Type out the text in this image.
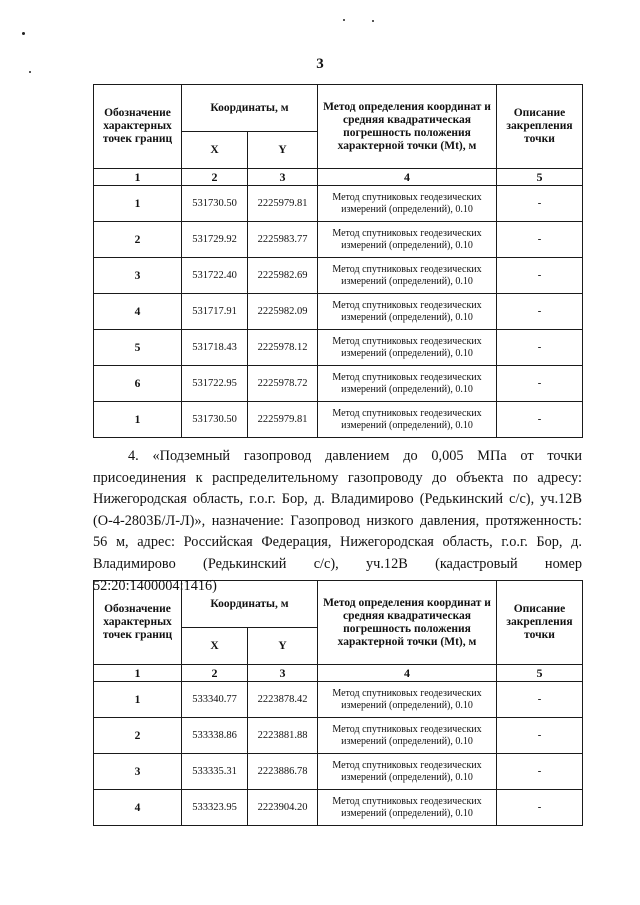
3
Обозначение характерных точек границ	Координаты, м		Метод определения координат и средняя квадратическая погрешность положения характерной точки (Mt), м	Описание закрепления точки
	X	Y		
1	2	3	4	5
1	531730.50	2225979.81	Метод спутниковых геодезических измерений (определений), 0.10	-
2	531729.92	2225983.77	Метод спутниковых геодезических измерений (определений), 0.10	-
3	531722.40	2225982.69	Метод спутниковых геодезических измерений (определений), 0.10	-
4	531717.91	2225982.09	Метод спутниковых геодезических измерений (определений), 0.10	-
5	531718.43	2225978.12	Метод спутниковых геодезических измерений (определений), 0.10	-
6	531722.95	2225978.72	Метод спутниковых геодезических измерений (определений), 0.10	-
1	531730.50	2225979.81	Метод спутниковых геодезических измерений (определений), 0.10	-

4. «Подземный газопровод давлением до 0,005 МПа от точки присоединения к распределительному газопроводу до объекта по адресу: Нижегородская область, г.о.г. Бор, д. Владимирово (Редькинский с/с), уч.12В (О-4-2803Б/Л-Л)», назначение: Газопровод низкого давления, протяженность: 56 м, адрес: Российская Федерация, Нижегородская область, г.о.г. Бор, д. Владимирово (Редькинский с/с), уч.12В (кадастровый номер 52:20:1400004:1416)

Обозначение характерных точек границ	Координаты, м		Метод определения координат и средняя квадратическая погрешность положения характерной точки (Mt), м	Описание закрепления точки
	X	Y		
1	2	3	4	5
1	533340.77	2223878.42	Метод спутниковых геодезических измерений (определений), 0.10	-
2	533338.86	2223881.88	Метод спутниковых геодезических измерений (определений), 0.10	-
3	533335.31	2223886.78	Метод спутниковых геодезических измерений (определений), 0.10	-
4	533323.95	2223904.20	Метод спутниковых геодезических измерений (определений), 0.10	-
